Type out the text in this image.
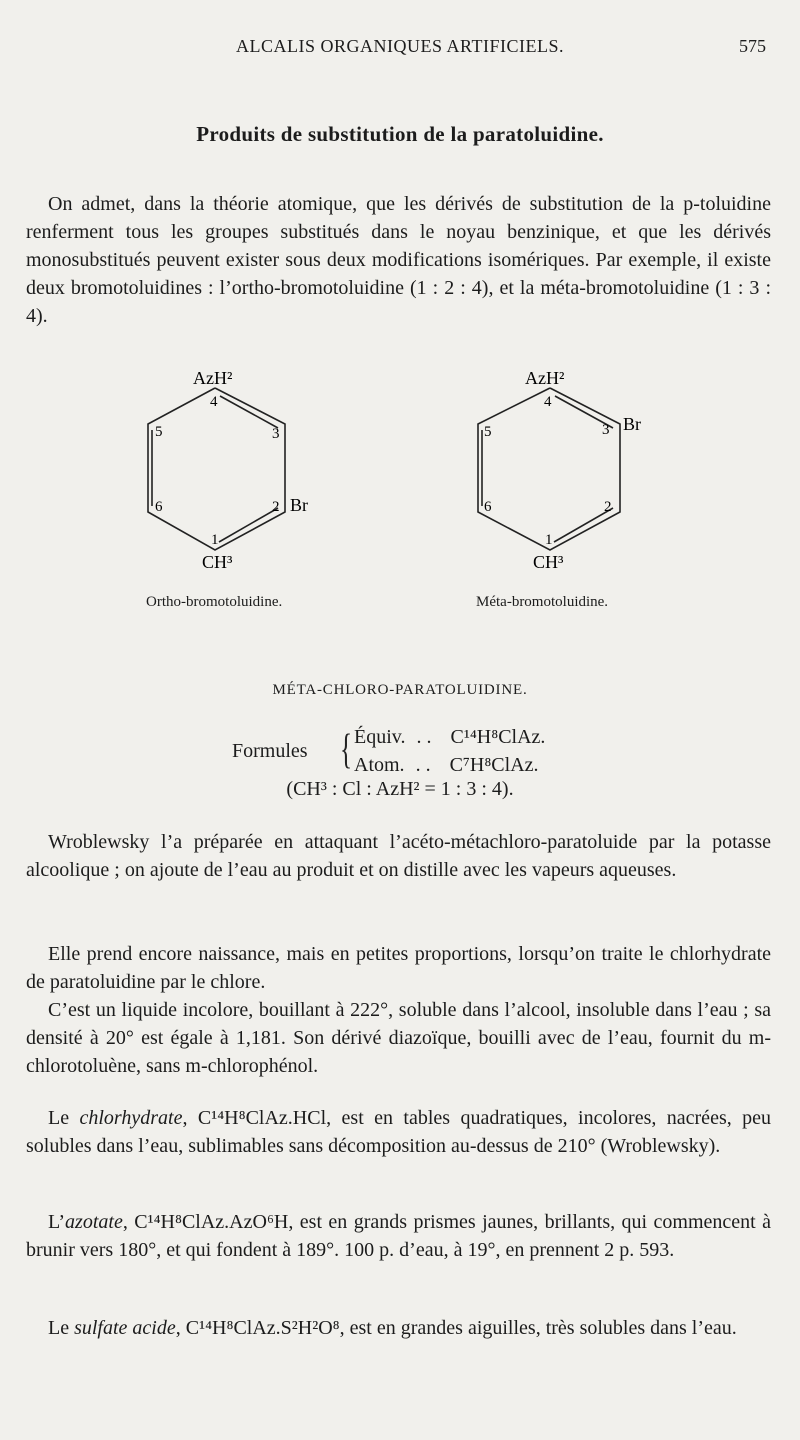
ALCALIS ORGANIQUES ARTIFICIELS.	575
Produits de substitution de la paratoluidine.

On admet, dans la théorie atomique, que les dérivés de substitution de la p-toluidine renferment tous les groupes substitués dans le noyau benzinique, et que les dérivés monosubstitués peuvent exister sous deux modifications isomériques. Par exemple, il existe deux bromotoluidines : l’ortho-bromotoluidine (1 : 2 : 4), et la méta-bromotoluidine (1 : 3 : 4).

AzH²
CH³
Br
4
5	3
6	2
1
AzH²
CH³
Br
4
5	3
6	2
1
Ortho-bromotoluidine.	Méta-bromotoluidine.
MÉTA-CHLORO-PARATOLUIDINE.
Formules { Équiv. . . C¹⁴H⁸ClAz.
Atom. . . C⁷H⁸ClAz.
(CH³ : Cl : AzH² = 1 : 3 : 4).

Wroblewsky l’a préparée en attaquant l’acéto-métachloro-paratoluide par la potasse alcoolique ; on ajoute de l’eau au produit et on distille avec les vapeurs aqueuses.

Elle prend encore naissance, mais en petites proportions, lorsqu’on traite le chlorhydrate de paratoluidine par le chlore.

C’est un liquide incolore, bouillant à 222°, soluble dans l’alcool, insoluble dans l’eau ; sa densité à 20° est égale à 1,181. Son dérivé diazoïque, bouilli avec de l’eau, fournit du m-chlorotoluène, sans m-chlorophénol.

Le chlorhydrate, C¹⁴H⁸ClAz.HCl, est en tables quadratiques, incolores, nacrées, peu solubles dans l’eau, sublimables sans décomposition au-dessus de 210° (Wroblewsky).

L’azotate, C¹⁴H⁸ClAz.AzO⁶H, est en grands prismes jaunes, brillants, qui commencent à brunir vers 180°, et qui fondent à 189°. 100 p. d’eau, à 19°, en prennent 2 p. 593.

Le sulfate acide, C¹⁴H⁸ClAz.S²H²O⁸, est en grandes aiguilles, très solubles dans l’eau.
